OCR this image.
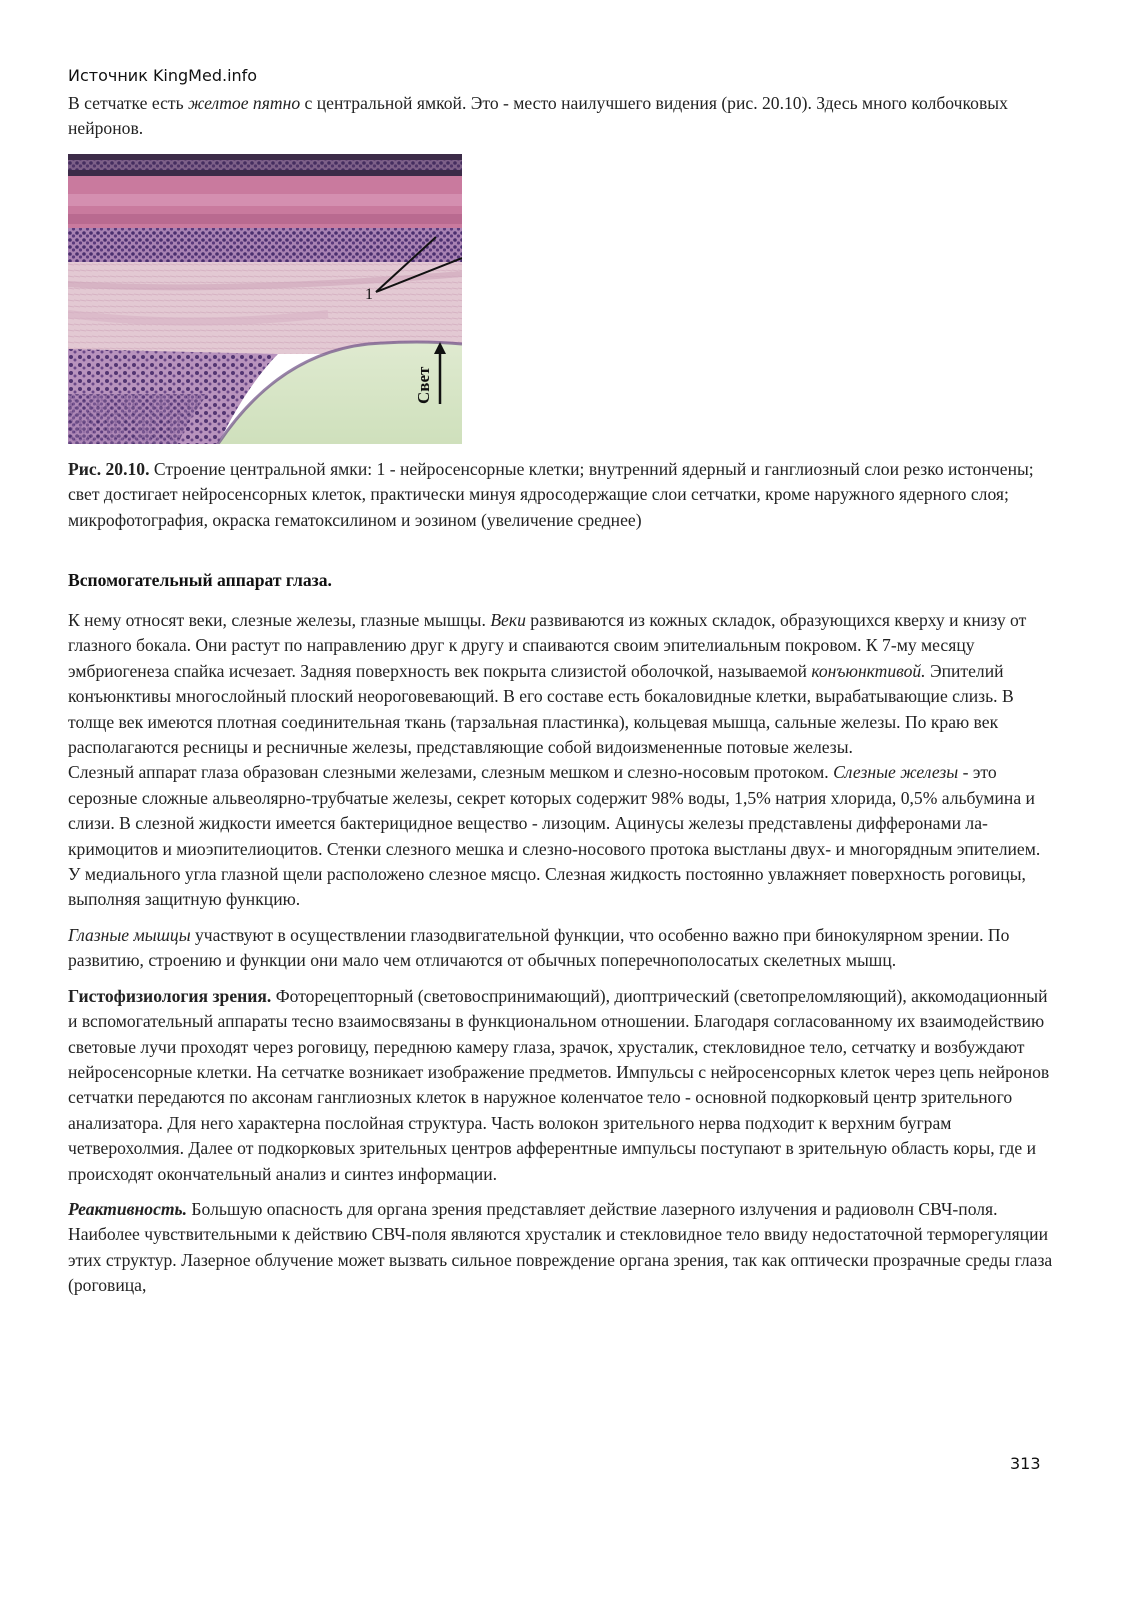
Источник KingMed.info

В сетчатке есть желтое пятно с центральной ямкой. Это - место наилучшего видения (рис. 20.10). Здесь много колбочковых нейронов.

1
Свет

Рис. 20.10. Строение центральной ямки: 1 - нейросенсорные клетки; внутренний ядерный и ганглиозный слои резко истончены; свет достигает нейросенсорных клеток, практически минуя ядросодержащие слои сетчатки, кроме наружного ядерного слоя; микрофотография, окраска гематоксилином и эозином (увеличение среднее)

Вспомогательный аппарат глаза.

К нему относят веки, слезные железы, глазные мышцы. Веки развиваются из кожных складок, образующихся кверху и книзу от глазного бокала. Они растут по направлению друг к другу и спаиваются своим эпителиальным покровом. К 7-му месяцу эмбриогенеза спайка исчезает. Задняя поверхность век покрыта слизистой оболочкой, называемой конъюнктивой. Эпителий конъюнктивы многослойный плоский неороговевающий. В его составе есть бокаловидные клетки, вырабатывающие слизь. В толще век имеются плотная соединительная ткань (тарзальная пластинка), кольцевая мышца, сальные железы. По краю век располагаются ресницы и ресничные железы, представляющие собой видоизмененные потовые железы.

Слезный аппарат глаза образован слезными железами, слезным мешком и слезно-носовым протоком. Слезные железы - это серозные сложные альвеолярно-трубчатые железы, секрет которых содержит 98% воды, 1,5% натрия хлорида, 0,5% альбумина и слизи. В слезной жидкости имеется бактерицидное вещество - лизоцим. Ацинусы железы представлены дифферонами ла-кримоцитов и миоэпителиоцитов. Стенки слезного мешка и слезно-носового протока выстланы двух- и многорядным эпителием. У медиального угла глазной щели расположено слезное мясцо. Слезная жидкость постоянно увлажняет поверхность роговицы, выполняя защитную функцию.

Глазные мышцы участвуют в осуществлении глазодвигательной функции, что особенно важно при бинокулярном зрении. По развитию, строению и функции они мало чем отличаются от обычных поперечнополосатых скелетных мышц.

Гистофизиология зрения. Фоторецепторный (световоспринимающий), диоптрический (светопреломляющий), аккомодационный и вспомогательный аппараты тесно взаимосвязаны в функциональном отношении. Благодаря согласованному их взаимодействию световые лучи проходят через роговицу, переднюю камеру глаза, зрачок, хрусталик, стекловидное тело, сетчатку и возбуждают нейросенсорные клетки. На сетчатке возникает изображение предметов. Импульсы с нейросенсорных клеток через цепь нейронов сетчатки передаются по аксонам ганглиозных клеток в наружное коленчатое тело - основной подкорковый центр зрительного анализатора. Для него характерна послойная структура. Часть волокон зрительного нерва подходит к верхним буграм четверохолмия. Далее от подкорковых зрительных центров афферентные импульсы поступают в зрительную область коры, где и происходят окончательный анализ и синтез информации.

Реактивность. Большую опасность для органа зрения представляет действие лазерного излучения и радиоволн СВЧ-поля. Наиболее чувствительными к действию СВЧ-поля являются хрусталик и стекловидное тело ввиду недостаточной терморегуляции этих структур. Лазерное облучение может вызвать сильное повреждение органа зрения, так как оптически прозрачные среды глаза (роговица,

313
